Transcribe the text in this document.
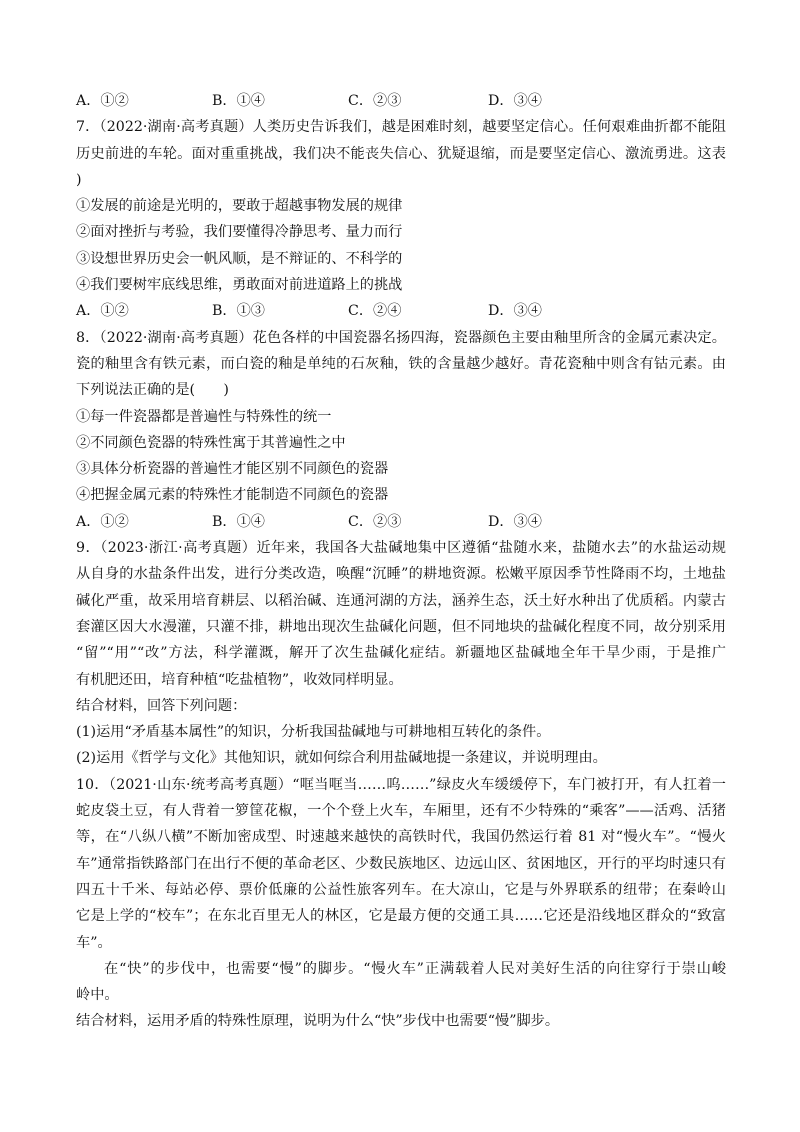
A．①②	B．①④	C．②③	D．③④
7．（2022·湖南·高考真题）人类历史告诉我们，越是困难时刻，越要坚定信心。任何艰难曲折都不能阻
历史前进的车轮。面对重重挑战，我们决不能丧失信心、犹疑退缩，而是要坚定信心、激流勇进。这表
)
①发展的前途是光明的，要敢于超越事物发展的规律
②面对挫折与考验，我们要懂得冷静思考、量力而行
③设想世界历史会一帆风顺，是不辩证的、不科学的
④我们要树牢底线思维，勇敢面对前进道路上的挑战
A．①②	B．①③	C．②④	D．③④
8．（2022·湖南·高考真题）花色各样的中国瓷器名扬四海，瓷器颜色主要由釉里所含的金属元素决定。
瓷的釉里含有铁元素，而白瓷的釉是单纯的石灰釉，铁的含量越少越好。青花瓷釉中则含有钴元素。由
下列说法正确的是(　　)
①每一件瓷器都是普遍性与特殊性的统一
②不同颜色瓷器的特殊性寓于其普遍性之中
③具体分析瓷器的普遍性才能区别不同颜色的瓷器
④把握金属元素的特殊性才能制造不同颜色的瓷器
A．①②	B．①④	C．②③	D．③④
9．（2023·浙江·高考真题）近年来，我国各大盐碱地集中区遵循“盐随水来，盐随水去”的水盐运动规
从自身的水盐条件出发，进行分类改造，唤醒“沉睡”的耕地资源。松嫩平原因季节性降雨不均，土地盐
碱化严重，故采用培育耕层、以稻治碱、连通河湖的方法，涵养生态，沃土好水种出了优质稻。内蒙古
套灌区因大水漫灌，只灌不排，耕地出现次生盐碱化问题，但不同地块的盐碱化程度不同，故分别采用
“留”“用”“改”方法，科学灌溉，解开了次生盐碱化症结。新疆地区盐碱地全年干旱少雨，于是推广
有机肥还田，培育种植“吃盐植物”，收效同样明显。
结合材料，回答下列问题：
(1)运用“矛盾基本属性”的知识，分析我国盐碱地与可耕地相互转化的条件。
(2)运用《哲学与文化》其他知识，就如何综合利用盐碱地提一条建议，并说明理由。
10．（2021·山东·统考高考真题）“哐当哐当……呜……”绿皮火车缓缓停下，车门被打开，有人扛着一
蛇皮袋土豆，有人背着一箩筐花椒，一个个登上火车，车厢里，还有不少特殊的“乘客”——活鸡、活猪
等，在“八纵八横”不断加密成型、时速越来越快的高铁时代，我国仍然运行着 81 对“慢火车”。“慢火
车”通常指铁路部门在出行不便的革命老区、少数民族地区、边远山区、贫困地区，开行的平均时速只有
四五十千米、每站必停、票价低廉的公益性旅客列车。在大凉山，它是与外界联系的纽带；在秦岭山
它是上学的“校车”；在东北百里无人的林区，它是最方便的交通工具……它还是沿线地区群众的“致富
车”。
在“快”的步伐中，也需要“慢”的脚步。“慢火车”正满载着人民对美好生活的向往穿行于崇山峻
岭中。
结合材料，运用矛盾的特殊性原理，说明为什么“快”步伐中也需要“慢”脚步。
